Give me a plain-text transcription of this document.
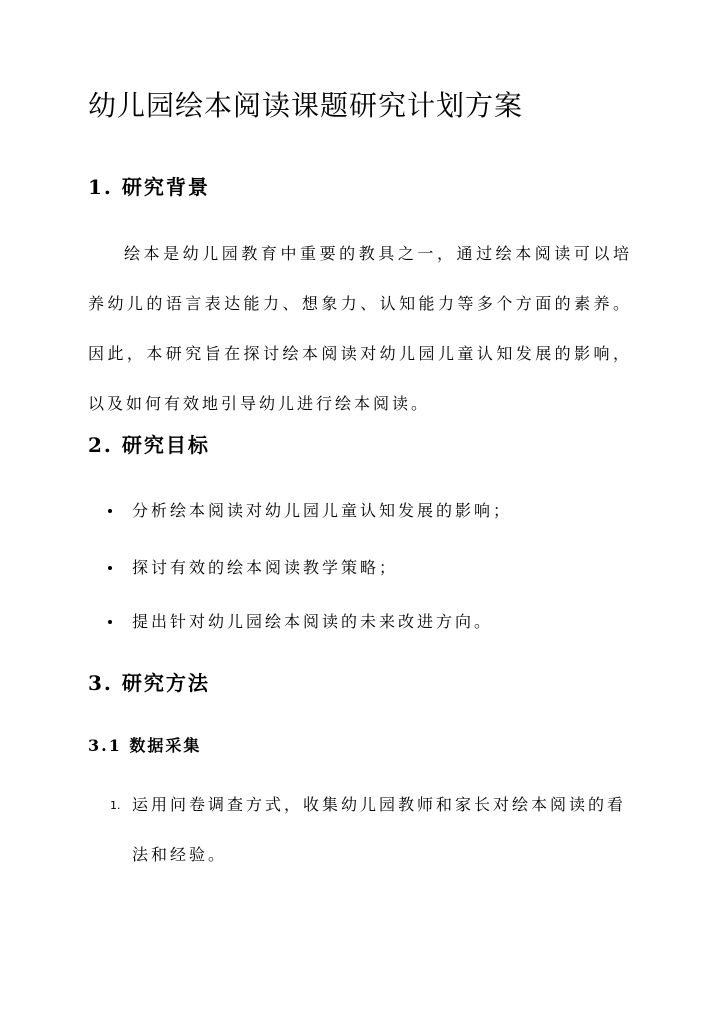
幼儿园绘本阅读课题研究计划方案
1. 研究背景

绘本是幼儿园教育中重要的教具之一，通过绘本阅读可以培养幼儿的语言表达能力、想象力、认知能力等多个方面的素养。因此，本研究旨在探讨绘本阅读对幼儿园儿童认知发展的影响，以及如何有效地引导幼儿进行绘本阅读。

2. 研究目标
分析绘本阅读对幼儿园儿童认知发展的影响；
探讨有效的绘本阅读教学策略；
提出针对幼儿园绘本阅读的未来改进方向。
3. 研究方法
3.1 数据采集
1. 运用问卷调查方式，收集幼儿园教师和家长对绘本阅读的看法和经验。
